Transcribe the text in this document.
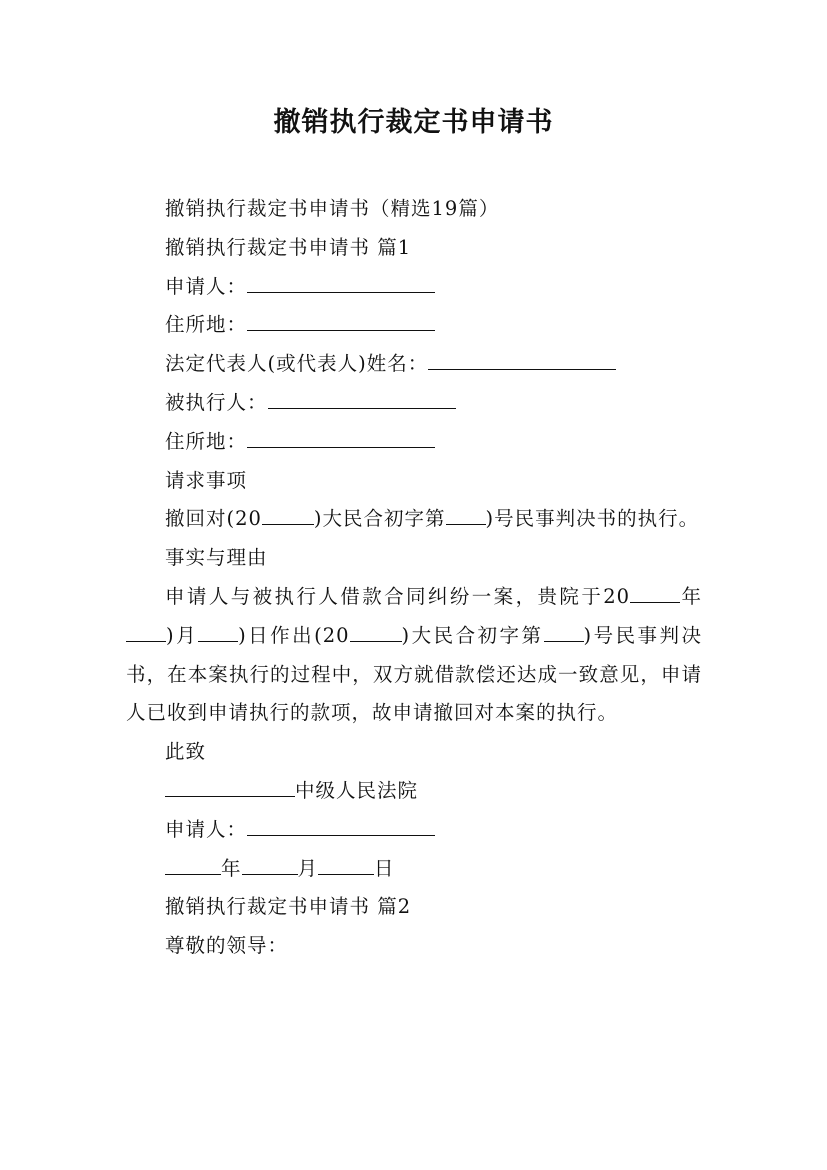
撤销执行裁定书申请书

撤销执行裁定书申请书（精选19篇）

撤销执行裁定书申请书 篇1

申请人：

住所地：

法定代表人(或代表人)姓名：

被执行人：

住所地：

请求事项

撤回对(20	)大民合初字第 )号民事判决书的执行。

事实与理由

申请人与被执行人借款合同纠纷一案，贵院于20	年)月 )日作出(20	)大民合初字第 )号民事判决书，在本案执行的过程中，双方就借款偿还达成一致意见，申请人已收到申请执行的款项，故申请撤回对本案的执行。

此致

中级人民法院

申请人：

年	月	日

撤销执行裁定书申请书 篇2

尊敬的领导：
